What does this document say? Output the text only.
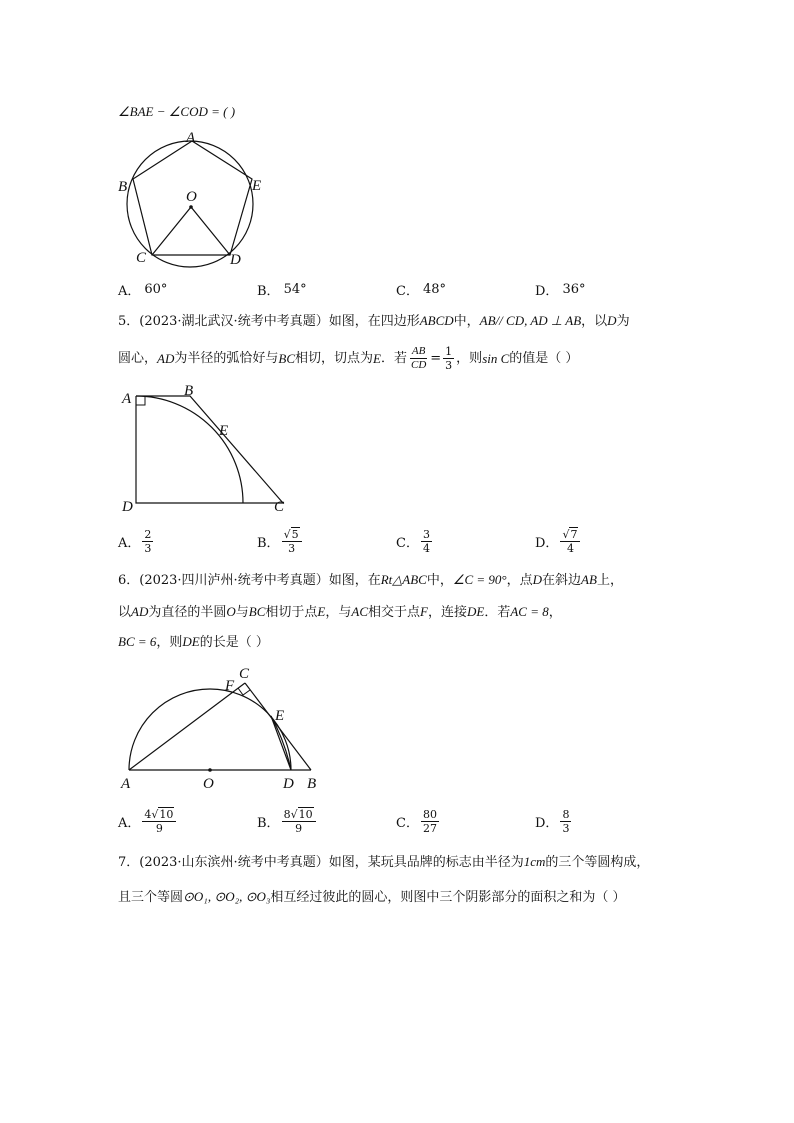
∠BAE − ∠COD = ( )
A
B
C	D
E
O
A． 60°	B． 54°	C． 48°	D． 36°
5．(2023·湖北武汉·统考中考真题）如图，在四边形ABCD中，AB// CD, AD ⊥ AB，以D为
圆心， AD 为半径的弧恰好与 BC 相切，切点为 E ．若 $\frac{AB}{CD} = \frac{1}{3}$ ，则 sin C 的值是（ ）
A	B
E
D	C
A． $\frac{2}{3}$	B． $\frac{√5}{3}$	C． $\frac{3}{4}$	D． $\frac{√7}{4}$
6．(2023·四川泸州·统考中考真题）如图，在Rt△ABC中，∠C = 90°，点D在斜边AB上，
以AD为直径的半圆O与BC相切于点E，与AC相交于点F，连接DE．若AC = 8，
BC = 6，则DE的长是（ ）
C
F
E
A	O	D B
A． $\frac{4√10}{9}$	B． $\frac{8√10}{9}$	C． $\frac{80}{27}$	D． $\frac{8}{3}$
7．(2023·山东滨州·统考中考真题）如图，某玩具品牌的标志由半径为1cm的三个等圆构成，
且三个等圆⊙O₁, ⊙O₂, ⊙O₃相互经过彼此的圆心，则图中三个阴影部分的面积之和为（ ）
